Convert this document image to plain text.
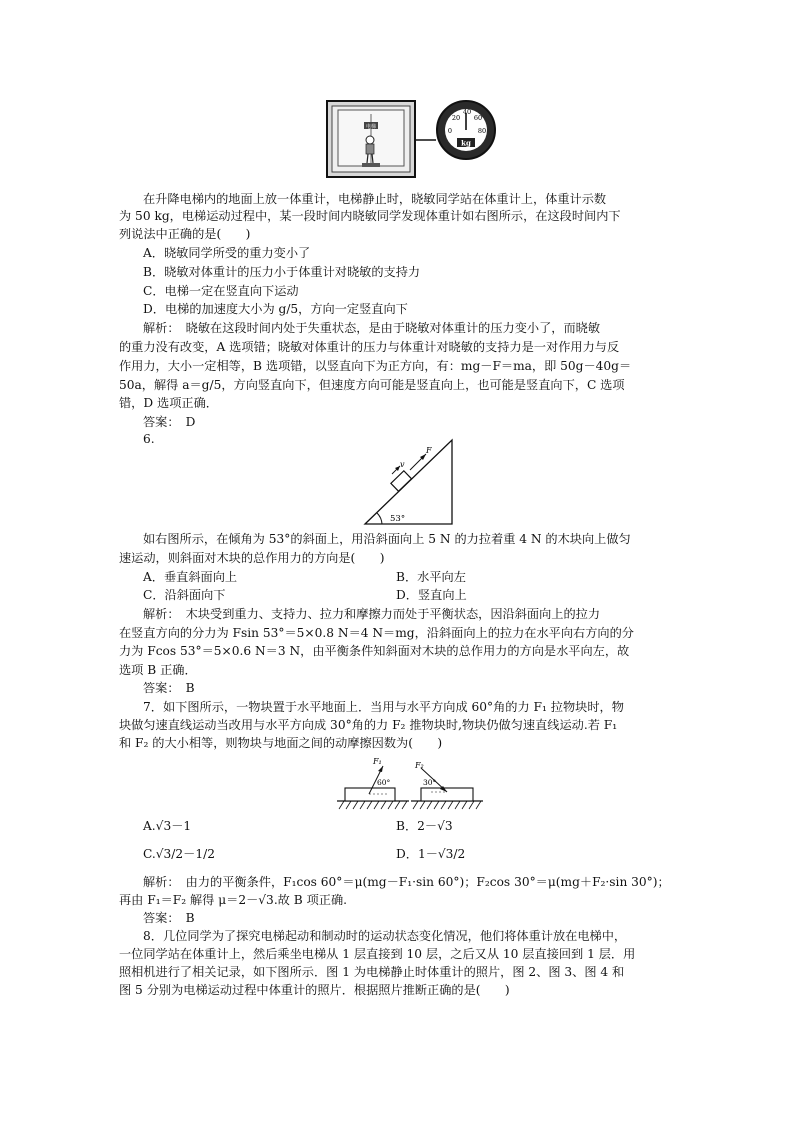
电梯
20
40
60
0	80
kg
在升降电梯内的地面上放一体重计，电梯静止时，晓敏同学站在体重计上，体重计示数
为 50 kg，电梯运动过程中，某一段时间内晓敏同学发现体重计如右图所示，在这段时间内下
列说法中正确的是(　　)
A．晓敏同学所受的重力变小了
B．晓敏对体重计的压力小于体重计对晓敏的支持力
C．电梯一定在竖直向下运动
D．电梯的加速度大小为 g/5，方向一定竖直向下
解析：　晓敏在这段时间内处于失重状态，是由于晓敏对体重计的压力变小了，而晓敏
的重力没有改变，A 选项错；晓敏对体重计的压力与体重计对晓敏的支持力是一对作用力与反
作用力，大小一定相等，B 选项错，以竖直向下为正方向，有：mg－F＝ma，即 50g－40g＝
50a，解得 a＝g/5，方向竖直向下，但速度方向可能是竖直向上，也可能是竖直向下，C 选项
错，D 选项正确．
答案：　D
6.
53°
F
v
如右图所示，在倾角为 53°的斜面上，用沿斜面向上 5 N 的力拉着重 4 N 的木块向上做匀
速运动，则斜面对木块的总作用力的方向是(　　)
A．垂直斜面向上	B．水平向左
C．沿斜面向下	D．竖直向上
解析：　木块受到重力、支持力、拉力和摩擦力而处于平衡状态，因沿斜面向上的拉力
在竖直方向的分力为 Fsin 53°＝5×0.8 N＝4 N＝mg，沿斜面向上的拉力在水平向右方向的分
力为 Fcos 53°＝5×0.6 N＝3 N，由平衡条件知斜面对木块的总作用力的方向是水平向左，故
选项 B 正确．
答案：　B
7．如下图所示，一物块置于水平地面上．当用与水平方向成 60°角的力 F₁ 拉物块时，物
块做匀速直线运动当改用与水平方向成 30°角的力 F₂ 推物块时,物块仍做匀速直线运动.若 F₁
和 F₂ 的大小相等，则物块与地面之间的动摩擦因数为(　　)
F₁
60°
F₂
30°
A.√3－1	B．2－√3
C.√3/2－1/2	D．1－√3/2
解析：　由力的平衡条件，F₁cos 60°＝μ(mg－F₁·sin 60°)；F₂cos 30°＝μ(mg＋F₂·sin 30°)；
再由 F₁＝F₂ 解得 μ＝2－√3.故 B 项正确.
答案：　B
8．几位同学为了探究电梯起动和制动时的运动状态变化情况，他们将体重计放在电梯中，
一位同学站在体重计上，然后乘坐电梯从 1 层直接到 10 层，之后又从 10 层直接回到 1 层．用
照相机进行了相关记录，如下图所示．图 1 为电梯静止时体重计的照片，图 2、图 3、图 4 和
图 5 分别为电梯运动过程中体重计的照片．根据照片推断正确的是(　　)
